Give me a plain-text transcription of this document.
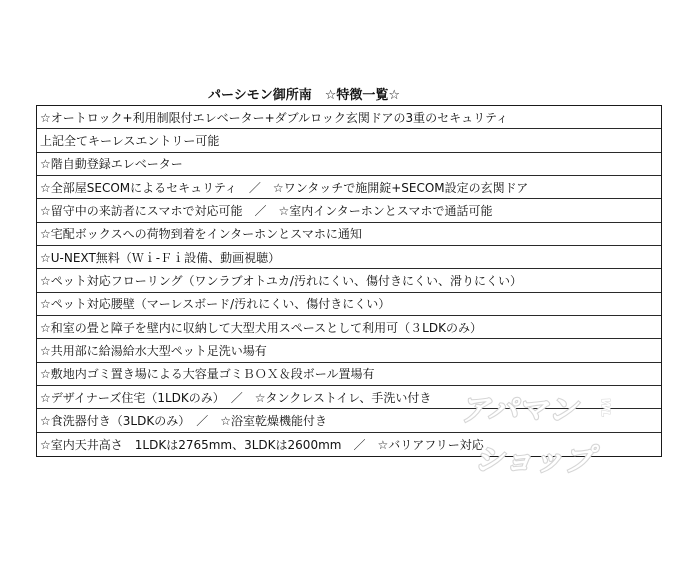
パーシモン御所南　☆特徴一覧☆
☆オートロック+利用制限付エレベーター+ダブルロック玄関ドアの3重のセキュリティ
上記全てキーレスエントリー可能
☆階自動登録エレベーター
☆全部屋SECOMによるセキュリティ　／　☆ワンタッチで施開錠+SECOM設定の玄関ドア
☆留守中の来訪者にスマホで対応可能　／　☆室内インターホンとスマホで通話可能
☆宅配ボックスへの荷物到着をインターホンとスマホに通知
☆U-NEXT無料（Ｗｉ-Ｆｉ設備、動画視聴）
☆ペット対応フローリング（ワンラブオトユカ/汚れにくい、傷付きにくい、滑りにくい）
☆ペット対応腰壁（マーレスボード/汚れにくい、傷付きにくい）
☆和室の畳と障子を壁内に収納して大型犬用スペースとして利用可（３LDKのみ）
☆共用部に給湯給水大型ペット足洗い場有
☆敷地内ゴミ置き場による大容量ゴミＢＯＸ＆段ボール置場有
☆デザイナーズ住宅（1LDKのみ）　／　☆タンクレストイレ、手洗い付き
☆食洗器付き（3LDKのみ）　／　☆浴室乾燥機能付き
☆室内天井高さ　1LDKは2765mm、3LDKは2600mm　／　☆バリアフリー対応
アパマン
ショップ
WL
